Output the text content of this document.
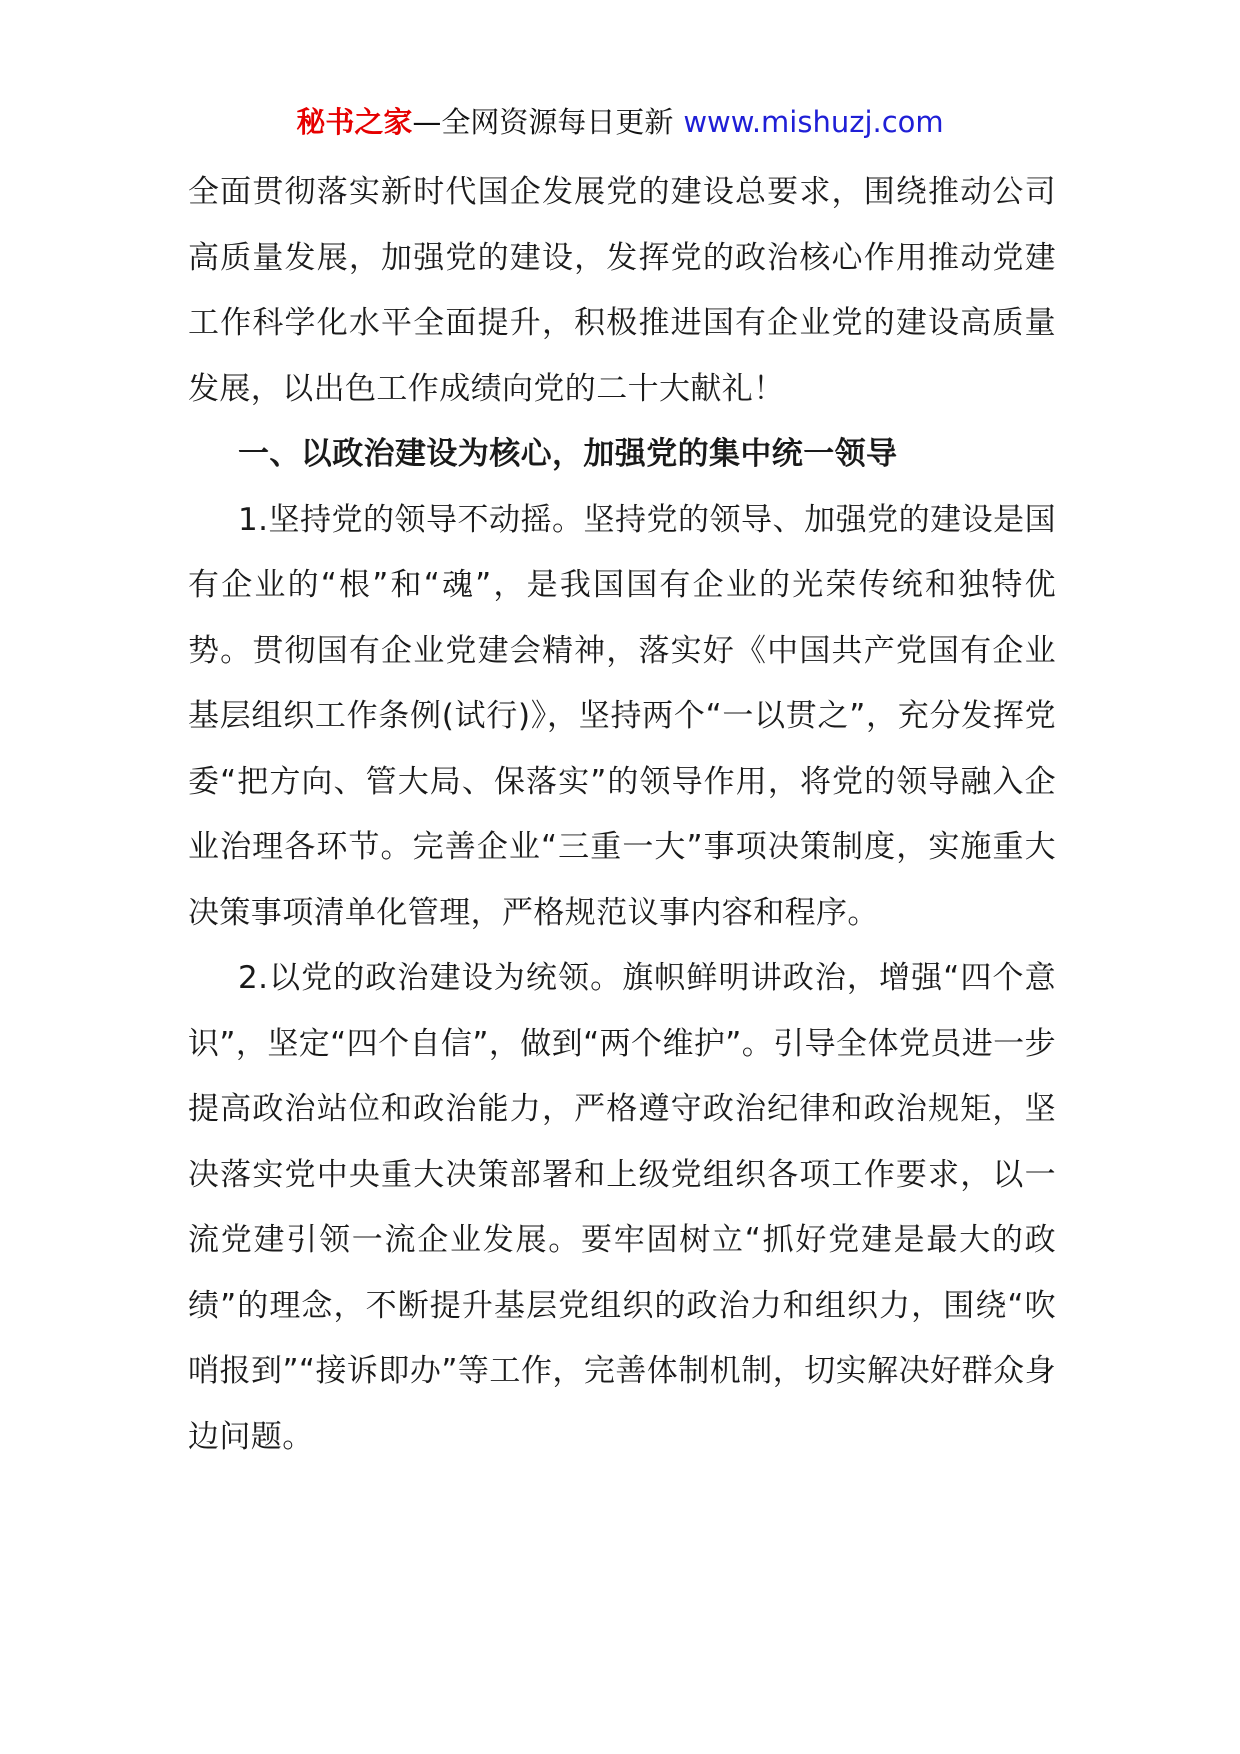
秘书之家—全网资源每日更新 www.mishuzj.com

全面贯彻落实新时代国企发展党的建设总要求，围绕推动公司高质量发展，加强党的建设，发挥党的政治核心作用推动党建工作科学化水平全面提升，积极推进国有企业党的建设高质量发展，以出色工作成绩向党的二十大献礼！

一、以政治建设为核心，加强党的集中统一领导

1.坚持党的领导不动摇。坚持党的领导、加强党的建设是国有企业的“根”和“魂”，是我国国有企业的光荣传统和独特优势。贯彻国有企业党建会精神，落实好《中国共产党国有企业基层组织工作条例(试行)》，坚持两个“一以贯之”，充分发挥党委“把方向、管大局、保落实”的领导作用，将党的领导融入企业治理各环节。完善企业“三重一大”事项决策制度，实施重大决策事项清单化管理，严格规范议事内容和程序。

2.以党的政治建设为统领。旗帜鲜明讲政治，增强“四个意识”，坚定“四个自信”，做到“两个维护”。引导全体党员进一步提高政治站位和政治能力，严格遵守政治纪律和政治规矩，坚决落实党中央重大决策部署和上级党组织各项工作要求，以一流党建引领一流企业发展。要牢固树立“抓好党建是最大的政绩”的理念，不断提升基层党组织的政治力和组织力，围绕“吹哨报到”“接诉即办”等工作，完善体制机制，切实解决好群众身边问题。
